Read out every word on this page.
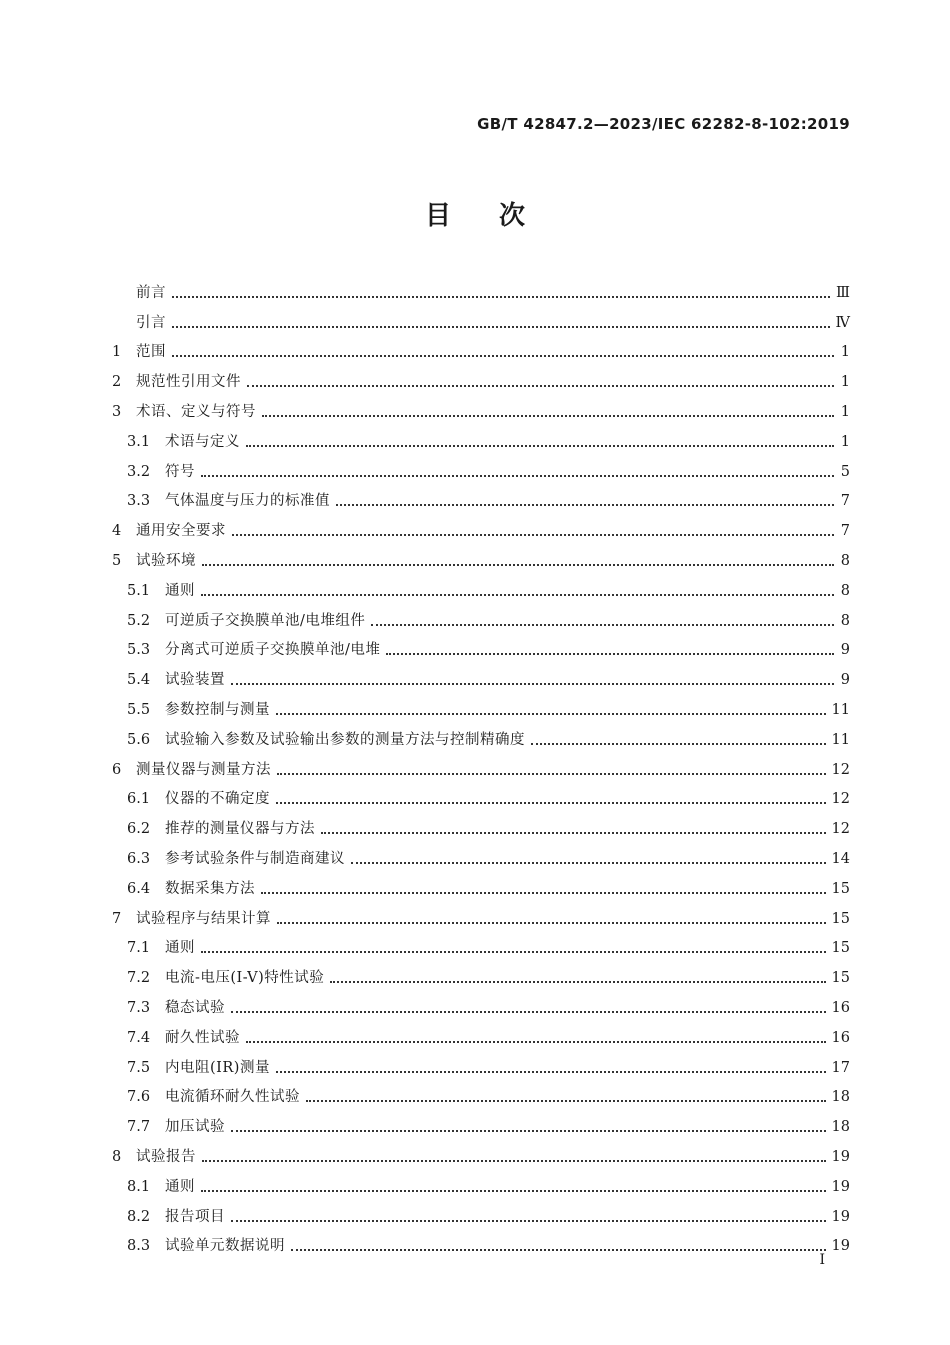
GB/T 42847.2—2023/IEC 62282-8-102:2019
目次
前言	Ⅲ
引言	Ⅳ
1	范围	1
2	规范性引用文件	1
3	术语、定义与符号	1
3.1	术语与定义	1
3.2	符号	5
3.3	气体温度与压力的标准值	7
4	通用安全要求	7
5	试验环境	8
5.1	通则	8
5.2	可逆质子交换膜单池/电堆组件	8
5.3	分离式可逆质子交换膜单池/电堆	9
5.4	试验装置	9
5.5	参数控制与测量	11
5.6	试验输入参数及试验输出参数的测量方法与控制精确度	11
6	测量仪器与测量方法	12
6.1	仪器的不确定度	12
6.2	推荐的测量仪器与方法	12
6.3	参考试验条件与制造商建议	14
6.4	数据采集方法	15
7	试验程序与结果计算	15
7.1	通则	15
7.2	电流-电压(I-V)特性试验	15
7.3	稳态试验	16
7.4	耐久性试验	16
7.5	内电阻(IR)测量	17
7.6	电流循环耐久性试验	18
7.7	加压试验	18
8	试验报告	19
8.1	通则	19
8.2	报告项目	19
8.3	试验单元数据说明	19
I
